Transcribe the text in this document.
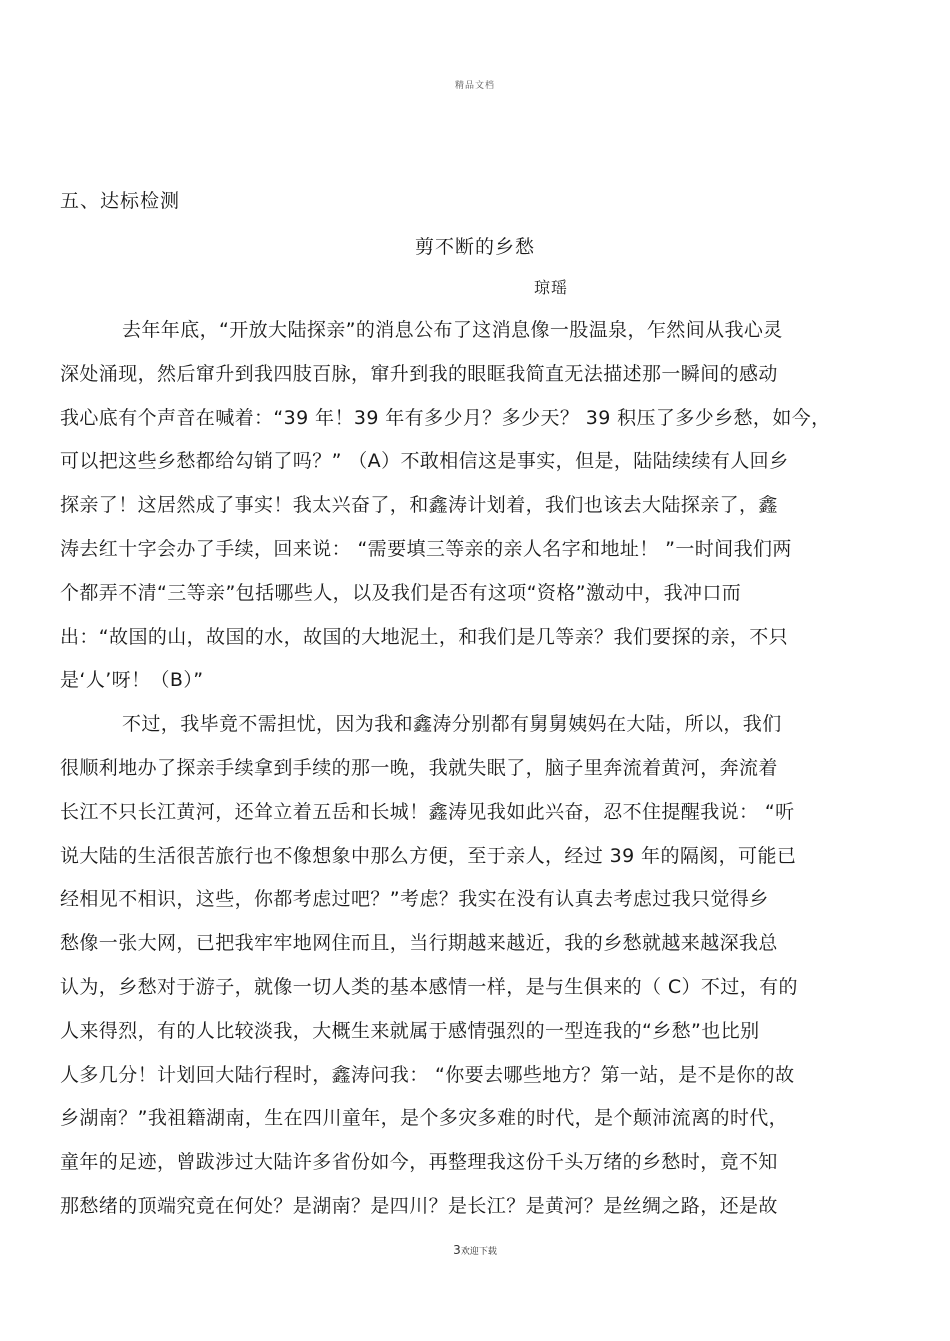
精品文档
五、达标检测
剪不断的乡愁
琼瑶
去年年底，“开放大陆探亲”的消息公布了这消息像一股温泉，乍然间从我心灵
深处涌现，然后窜升到我四肢百脉，窜升到我的眼眶我简直无法描述那一瞬间的感动
我心底有个声音在喊着：“39 年！39 年有多少月？多少天？ 39 积压了多少乡愁，如今，
可以把这些乡愁都给勾销了吗？” （A）不敢相信这是事实，但是，陆陆续续有人回乡
探亲了！这居然成了事实！我太兴奋了，和鑫涛计划着，我们也该去大陆探亲了，鑫
涛去红十字会办了手续，回来说： “需要填三等亲的亲人名字和地址！ ”一时间我们两
个都弄不清“三等亲”包括哪些人，以及我们是否有这项“资格”激动中，我冲口而
出：“故国的山，故国的水，故国的大地泥土，和我们是几等亲？我们要探的亲，不只
是‘人’呀！（B）”
不过，我毕竟不需担忧，因为我和鑫涛分别都有舅舅姨妈在大陆，所以，我们
很顺利地办了探亲手续拿到手续的那一晚，我就失眠了，脑子里奔流着黄河，奔流着
长江不只长江黄河，还耸立着五岳和长城！鑫涛见我如此兴奋，忍不住提醒我说： “听
说大陆的生活很苦旅行也不像想象中那么方便，至于亲人，经过 39 年的隔阂，可能已
经相见不相识，这些，你都考虑过吧？”考虑？我实在没有认真去考虑过我只觉得乡
愁像一张大网，已把我牢牢地网住而且，当行期越来越近，我的乡愁就越来越深我总
认为，乡愁对于游子，就像一切人类的基本感情一样，是与生俱来的（ C）不过，有的
人来得烈，有的人比较淡我，大概生来就属于感情强烈的一型连我的“乡愁”也比别
人多几分！计划回大陆行程时，鑫涛问我： “你要去哪些地方？第一站，是不是你的故
乡湖南？”我祖籍湖南，生在四川童年，是个多灾多难的时代，是个颠沛流离的时代，
童年的足迹，曾跋涉过大陆许多省份如今，再整理我这份千头万绪的乡愁时，竟不知
那愁绪的顶端究竟在何处？是湖南？是四川？是长江？是黄河？是丝绸之路，还是故
3欢迎下载
